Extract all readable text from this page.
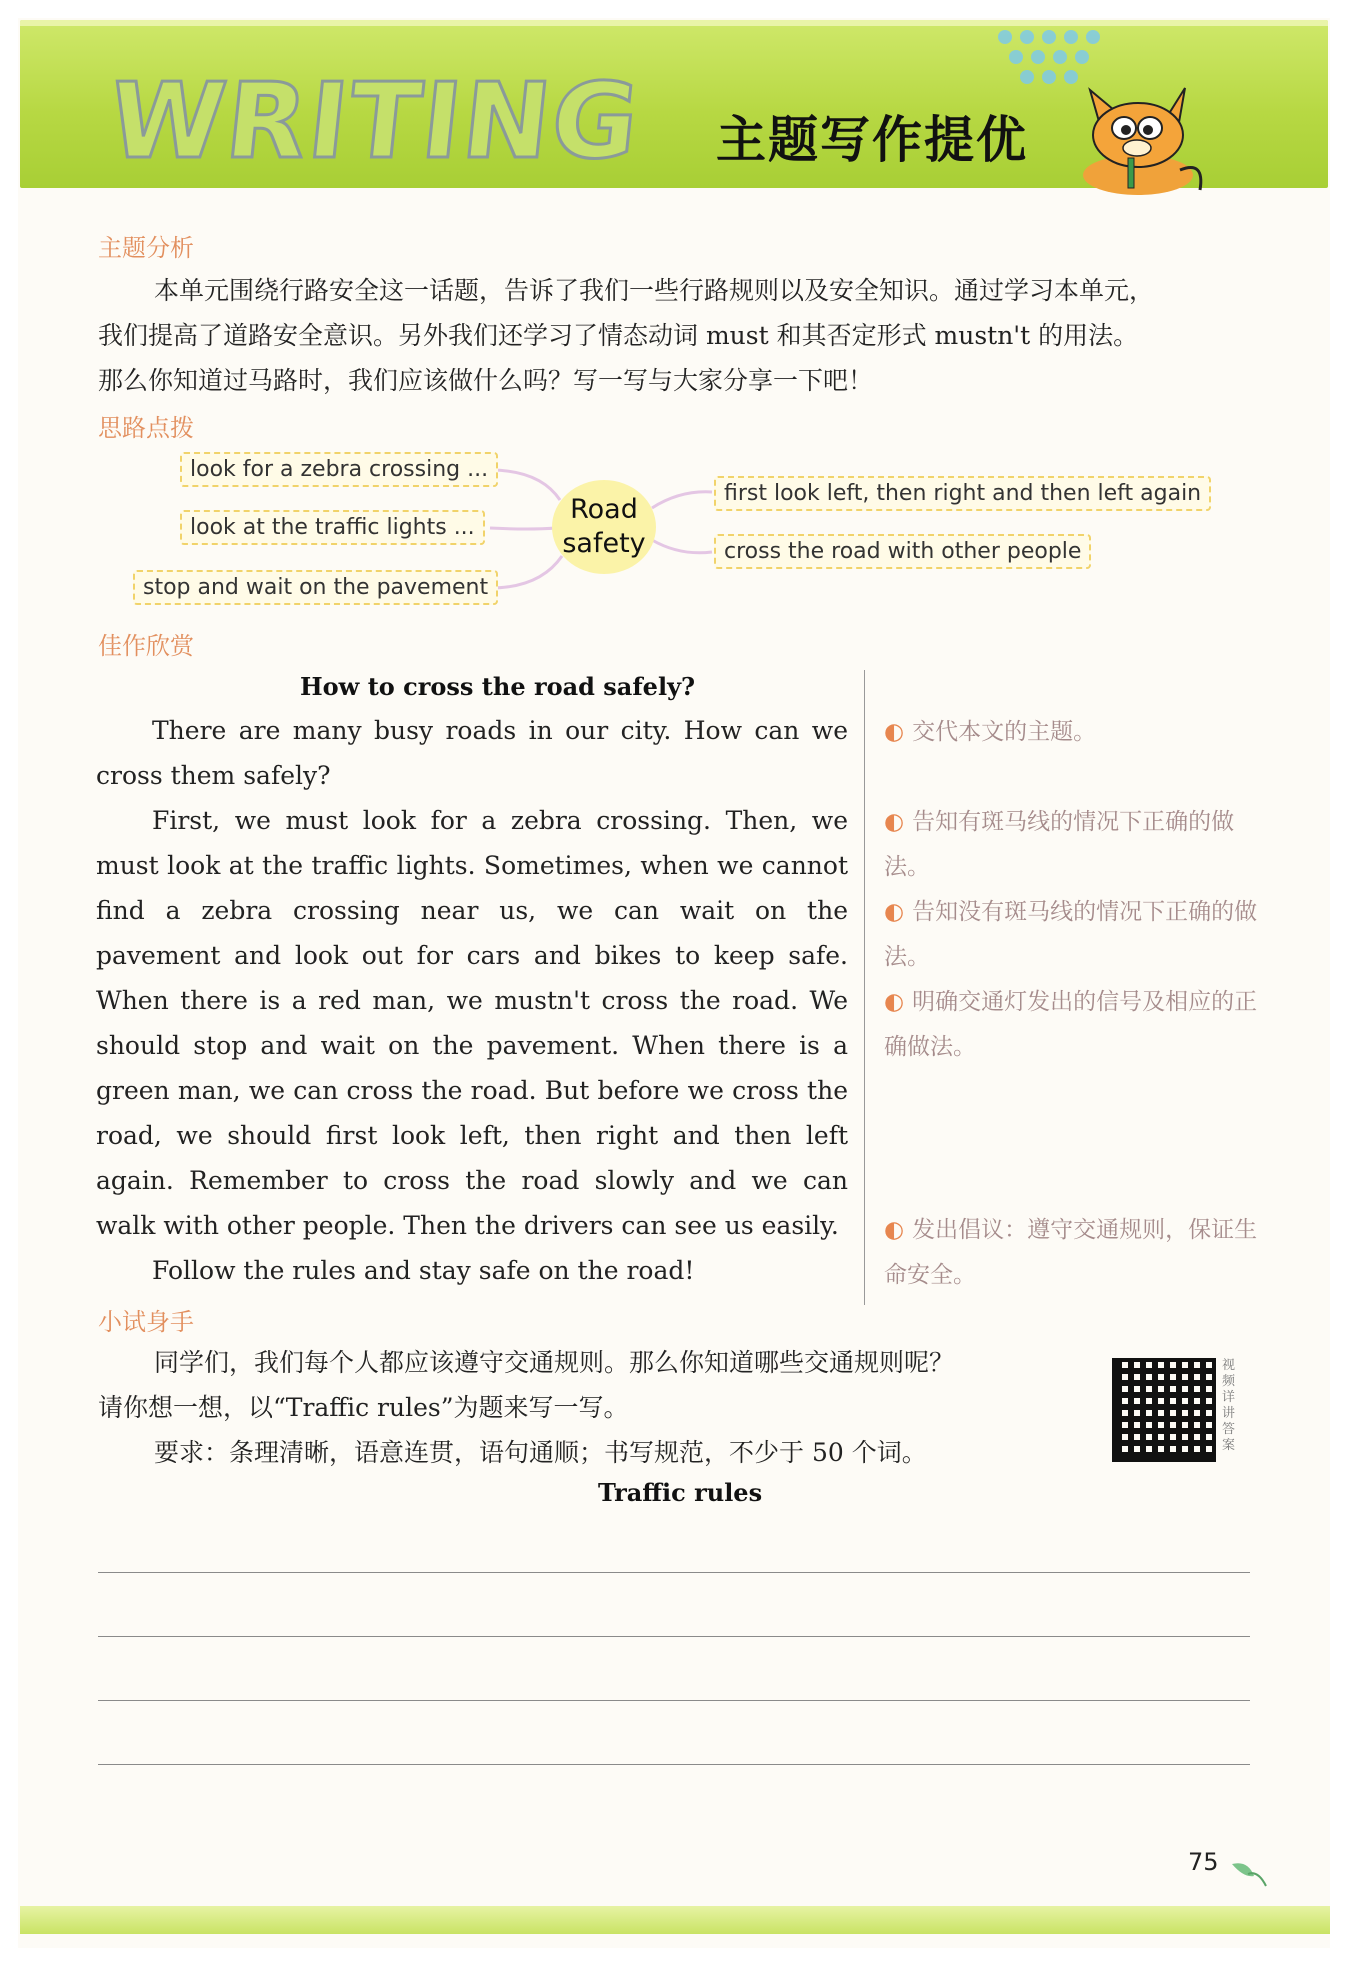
WRITING 主题写作提优
主题分析

本单元围绕行路安全这一话题，告诉了我们一些行路规则以及安全知识。通过学习本单元，

我们提高了道路安全意识。另外我们还学习了情态动词 must 和其否定形式 mustn't 的用法。

那么你知道过马路时，我们应该做什么吗？写一写与大家分享一下吧！

思路点拨
look for a zebra crossing ...
look at the traffic lights ...
stop and wait on the pavement
Road
safety
first look left, then right and then left again
cross the road with other people
佳作欣赏
How to cross the road safely?

There are many busy roads in our city. How can we cross them safely?

First, we must look for a zebra crossing. Then, we must look at the traffic lights. Sometimes, when we cannot find a zebra crossing near us, we can wait on the pavement and look out for cars and bikes to keep safe. When there is a red man, we mustn't cross the road. We should stop and wait on the pavement. When there is a green man, we can cross the road. But before we cross the road, we should first look left, then right and then left again. Remember to cross the road slowly and we can walk with other people. Then the drivers can see us easily.

Follow the rules and stay safe on the road!

◐ 交代本文的主题。
◐ 告知有斑马线的情况下正确的做法。
◐ 告知没有斑马线的情况下正确的做法。
◐ 明确交通灯发出的信号及相应的正确做法。
◐ 发出倡议：遵守交通规则，保证生命安全。
小试身手

同学们，我们每个人都应该遵守交通规则。那么你知道哪些交通规则呢？

请你想一想，以“Traffic rules”为题来写一写。

要求：条理清晰，语意连贯，语句通顺；书写规范，不少于 50 个词。

视频详讲答案
Traffic rules
75
